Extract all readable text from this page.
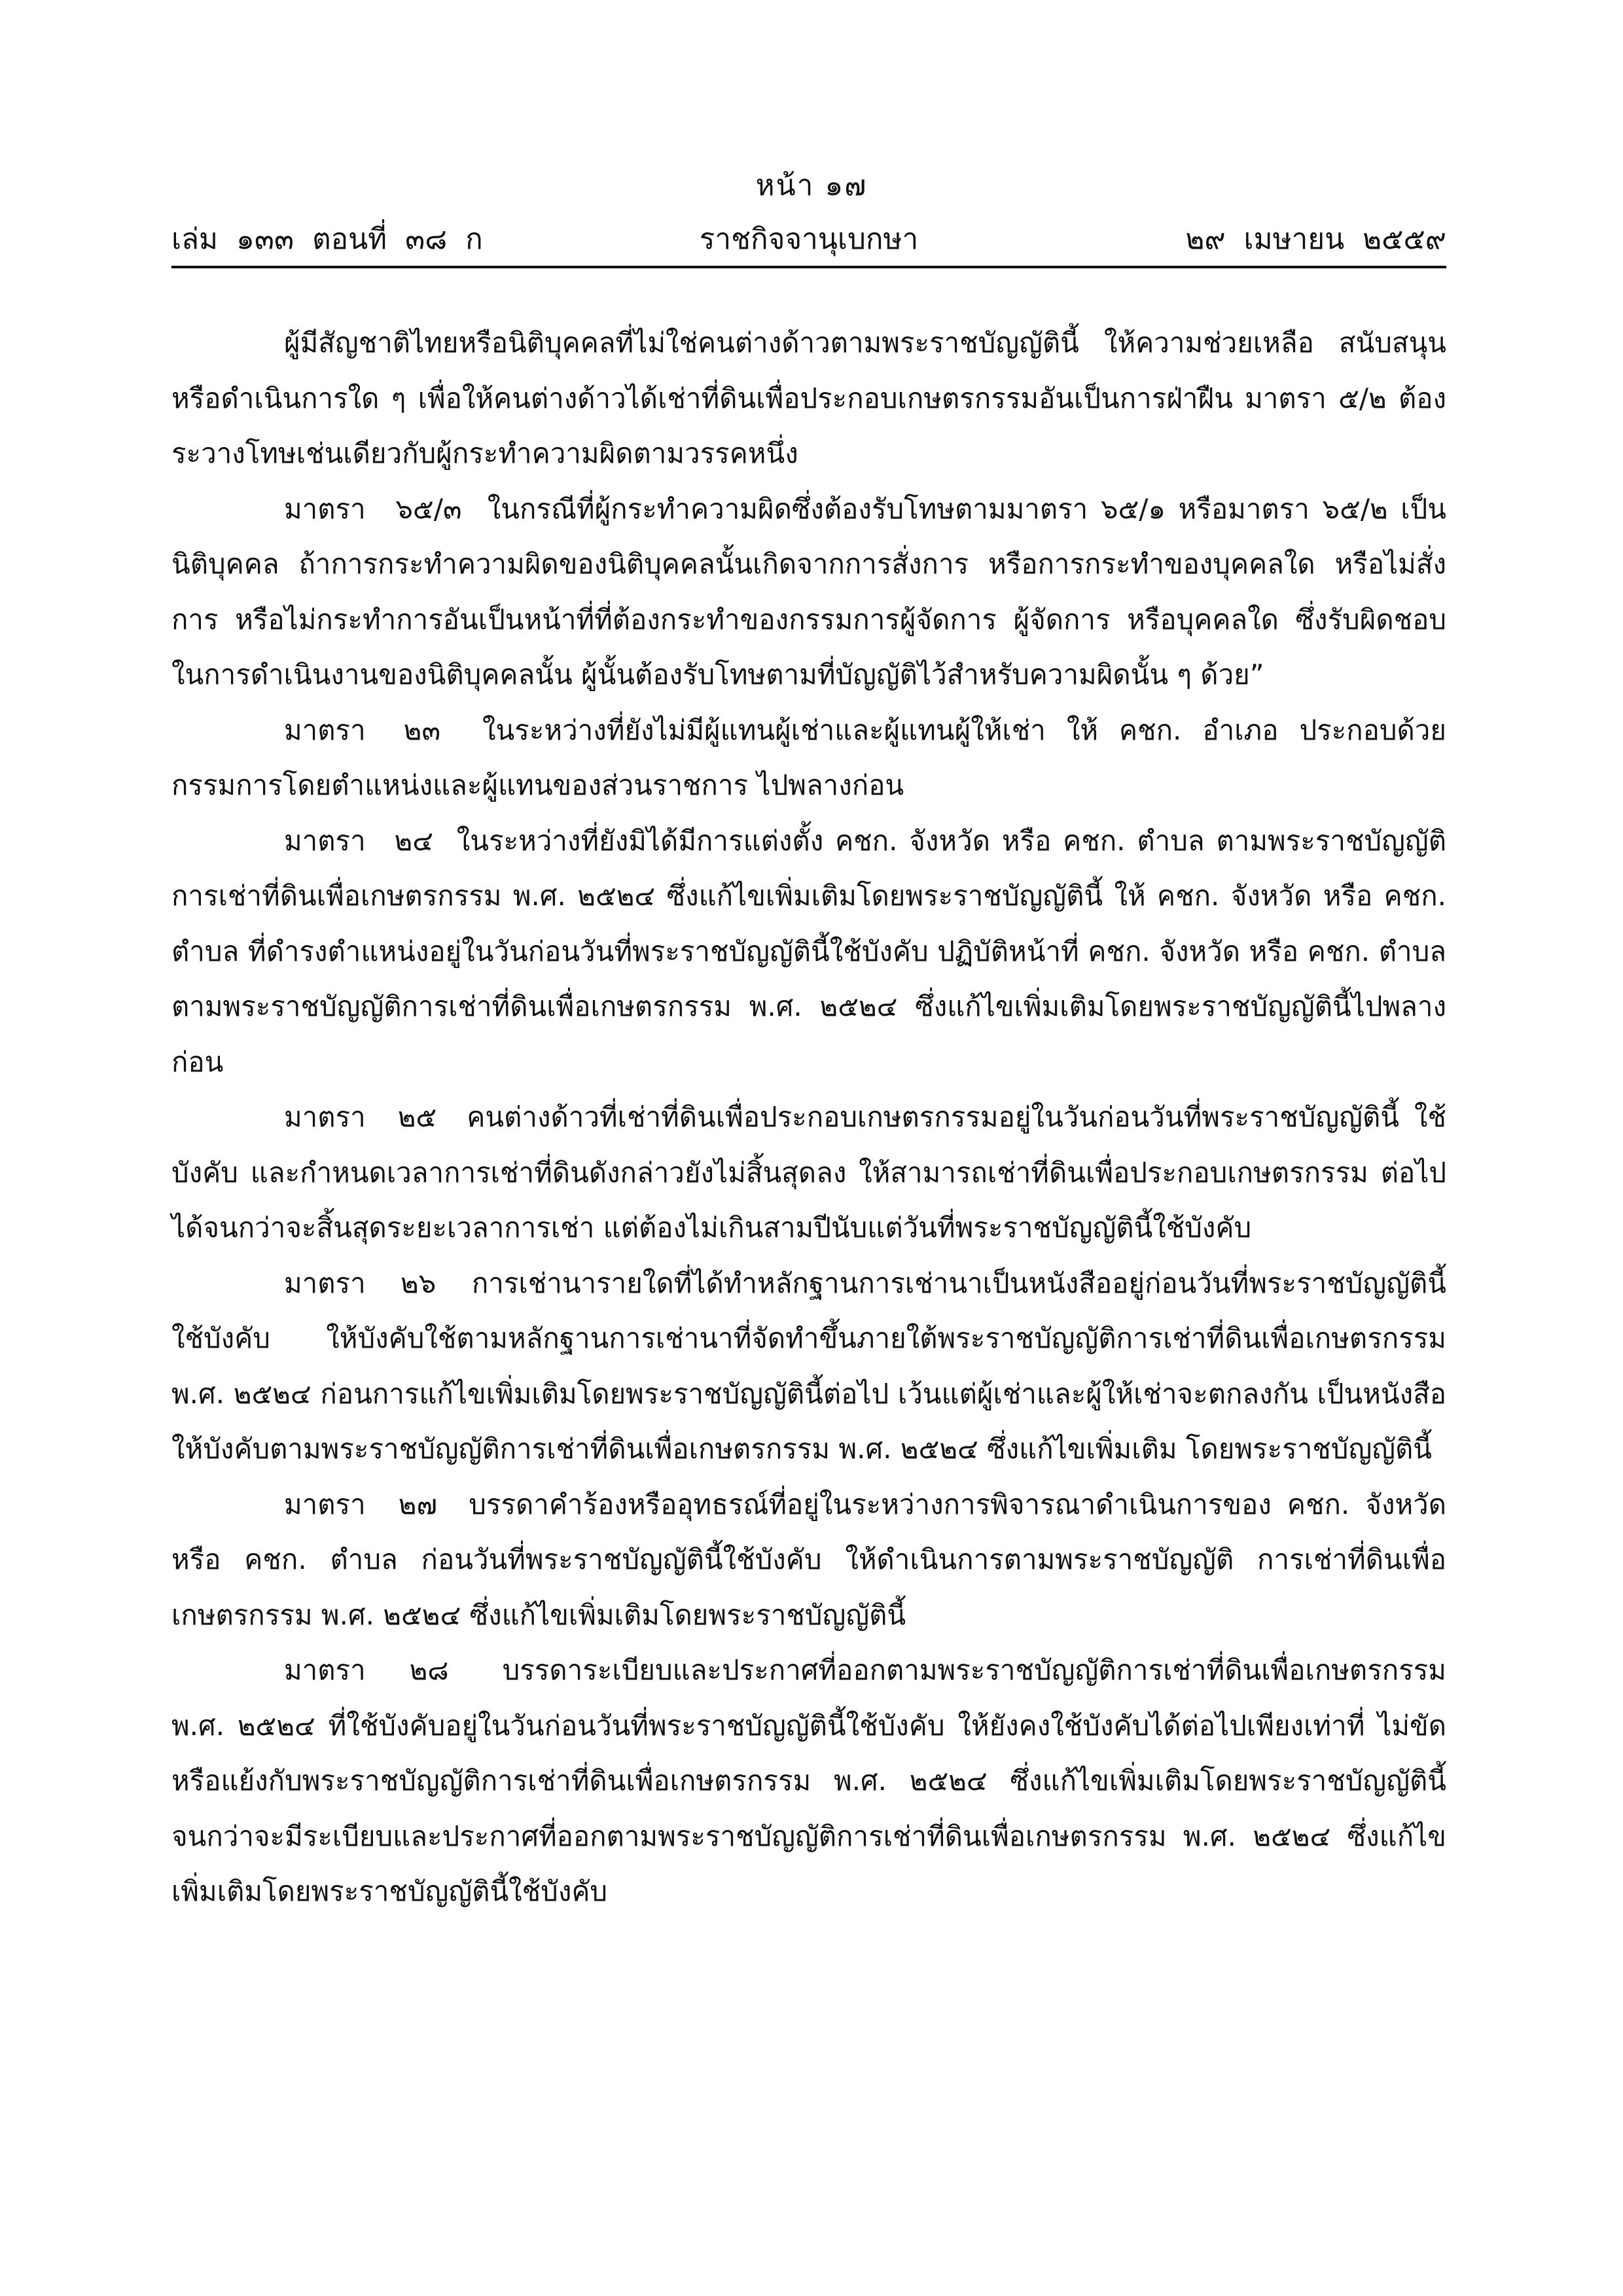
หน้า ๑๗
เล่ม ๑๓๓ ตอนที่ ๓๘ ก	ราชกิจจานุเบกษา	๒๙ เมษายน ๒๕๕๙

ผู้มีสัญชาติไทยหรือนิติบุคคลที่ไม่ใช่คนต่างด้าวตามพระราชบัญญัตินี้ ให้ความช่วยเหลือ สนับสนุน หรือดำเนินการใด ๆ เพื่อให้คนต่างด้าวได้เช่าที่ดินเพื่อประกอบเกษตรกรรมอันเป็นการฝ่าฝืน มาตรา ๕/๒ ต้องระวางโทษเช่นเดียวกับผู้กระทำความผิดตามวรรคหนึ่ง

มาตรา ๖๕/๓ ในกรณีที่ผู้กระทำความผิดซึ่งต้องรับโทษตามมาตรา ๖๕/๑ หรือมาตรา ๖๕/๒ เป็นนิติบุคคล ถ้าการกระทำความผิดของนิติบุคคลนั้นเกิดจากการสั่งการ หรือการกระทำของบุคคลใด หรือไม่สั่งการ หรือไม่กระทำการอันเป็นหน้าที่ที่ต้องกระทำของกรรมการผู้จัดการ ผู้จัดการ หรือบุคคลใด ซึ่งรับผิดชอบในการดำเนินงานของนิติบุคคลนั้น ผู้นั้นต้องรับโทษตามที่บัญญัติไว้สำหรับความผิดนั้น ๆ ด้วย”

มาตรา ๒๓ ในระหว่างที่ยังไม่มีผู้แทนผู้เช่าและผู้แทนผู้ให้เช่า ให้ คชก. อำเภอ ประกอบด้วยกรรมการโดยตำแหน่งและผู้แทนของส่วนราชการ ไปพลางก่อน

มาตรา ๒๔ ในระหว่างที่ยังมิได้มีการแต่งตั้ง คชก. จังหวัด หรือ คชก. ตำบล ตามพระราชบัญญัติการเช่าที่ดินเพื่อเกษตรกรรม พ.ศ. ๒๕๒๔ ซึ่งแก้ไขเพิ่มเติมโดยพระราชบัญญัตินี้ ให้ คชก. จังหวัด หรือ คชก. ตำบล ที่ดำรงตำแหน่งอยู่ในวันก่อนวันที่พระราชบัญญัตินี้ใช้บังคับ ปฏิบัติหน้าที่ คชก. จังหวัด หรือ คชก. ตำบล ตามพระราชบัญญัติการเช่าที่ดินเพื่อเกษตรกรรม พ.ศ. ๒๕๒๔ ซึ่งแก้ไขเพิ่มเติมโดยพระราชบัญญัตินี้ไปพลางก่อน

มาตรา ๒๕ คนต่างด้าวที่เช่าที่ดินเพื่อประกอบเกษตรกรรมอยู่ในวันก่อนวันที่พระราชบัญญัตินี้ ใช้บังคับ และกำหนดเวลาการเช่าที่ดินดังกล่าวยังไม่สิ้นสุดลง ให้สามารถเช่าที่ดินเพื่อประกอบเกษตรกรรม ต่อไปได้จนกว่าจะสิ้นสุดระยะเวลาการเช่า แต่ต้องไม่เกินสามปีนับแต่วันที่พระราชบัญญัตินี้ใช้บังคับ

มาตรา ๒๖ การเช่านารายใดที่ได้ทำหลักฐานการเช่านาเป็นหนังสืออยู่ก่อนวันที่พระราชบัญญัตินี้ ใช้บังคับ ให้บังคับใช้ตามหลักฐานการเช่านาที่จัดทำขึ้นภายใต้พระราชบัญญัติการเช่าที่ดินเพื่อเกษตรกรรม พ.ศ. ๒๕๒๔ ก่อนการแก้ไขเพิ่มเติมโดยพระราชบัญญัตินี้ต่อไป เว้นแต่ผู้เช่าและผู้ให้เช่าจะตกลงกัน เป็นหนังสือให้บังคับตามพระราชบัญญัติการเช่าที่ดินเพื่อเกษตรกรรม พ.ศ. ๒๕๒๔ ซึ่งแก้ไขเพิ่มเติม โดยพระราชบัญญัตินี้

มาตรา ๒๗ บรรดาคำร้องหรืออุทธรณ์ที่อยู่ในระหว่างการพิจารณาดำเนินการของ คชก. จังหวัด หรือ คชก. ตำบล ก่อนวันที่พระราชบัญญัตินี้ใช้บังคับ ให้ดำเนินการตามพระราชบัญญัติ การเช่าที่ดินเพื่อเกษตรกรรม พ.ศ. ๒๕๒๔ ซึ่งแก้ไขเพิ่มเติมโดยพระราชบัญญัตินี้

มาตรา ๒๘ บรรดาระเบียบและประกาศที่ออกตามพระราชบัญญัติการเช่าที่ดินเพื่อเกษตรกรรม พ.ศ. ๒๕๒๔ ที่ใช้บังคับอยู่ในวันก่อนวันที่พระราชบัญญัตินี้ใช้บังคับ ให้ยังคงใช้บังคับได้ต่อไปเพียงเท่าที่ ไม่ขัดหรือแย้งกับพระราชบัญญัติการเช่าที่ดินเพื่อเกษตรกรรม พ.ศ. ๒๕๒๔ ซึ่งแก้ไขเพิ่มเติมโดยพระราชบัญญัตินี้ จนกว่าจะมีระเบียบและประกาศที่ออกตามพระราชบัญญัติการเช่าที่ดินเพื่อเกษตรกรรม พ.ศ. ๒๕๒๔ ซึ่งแก้ไขเพิ่มเติมโดยพระราชบัญญัตินี้ใช้บังคับ
